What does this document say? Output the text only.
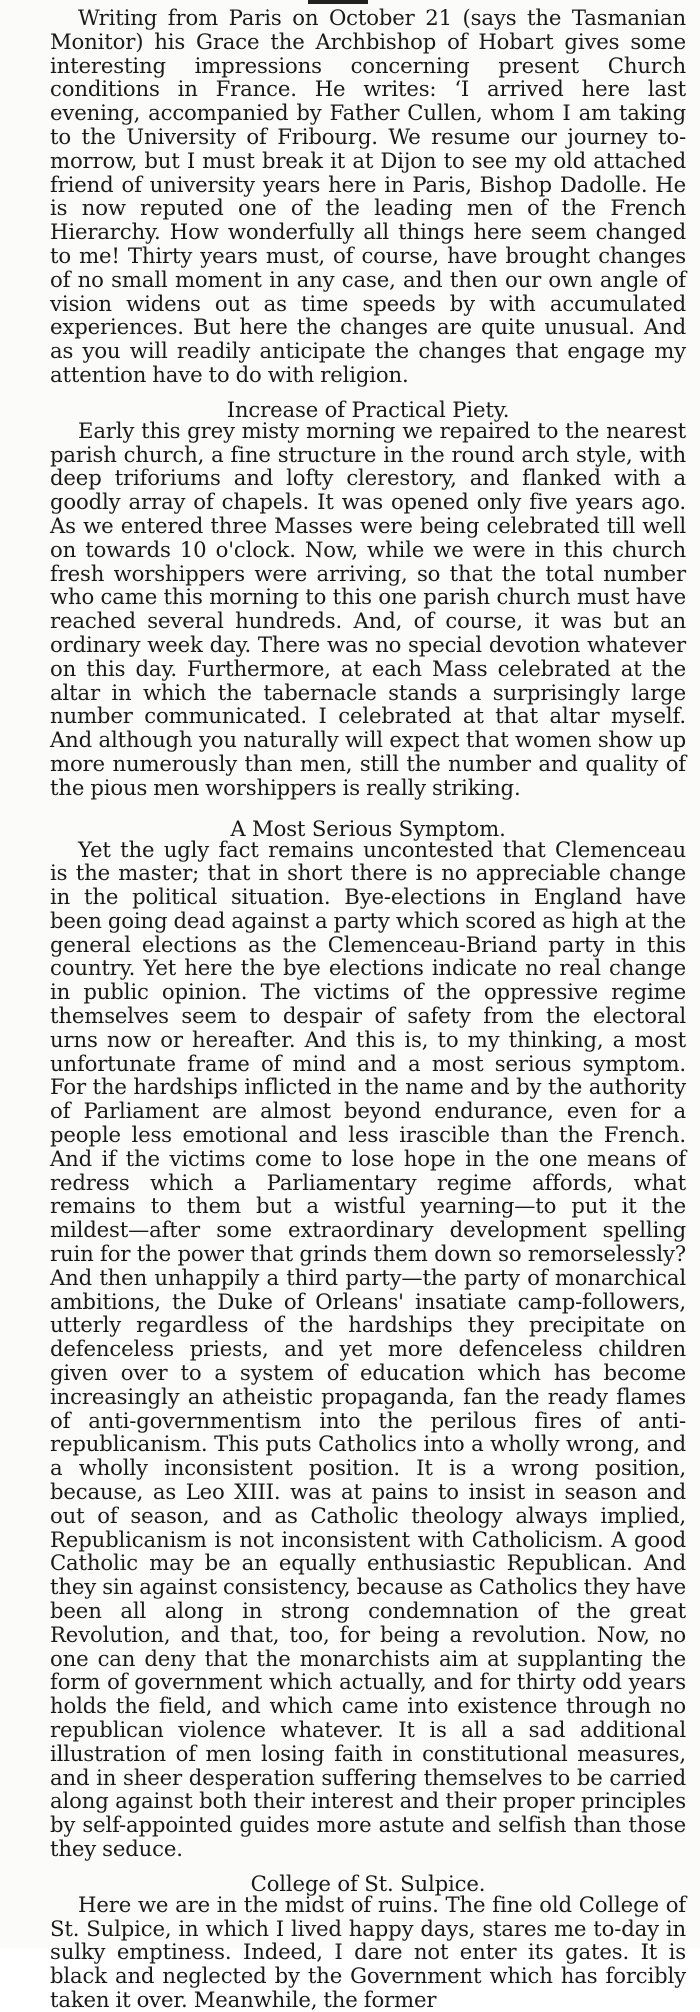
Writing from Paris on October 21 (says the Tasmanian Monitor) his Grace the Archbishop of Hobart gives some interesting impressions concerning present Church conditions in France. He writes: ‘I arrived here last evening, accompanied by Father Cullen, whom I am taking to the University of Fribourg. We resume our journey to-morrow, but I must break it at Dijon to see my old attached friend of university years here in Paris, Bishop Dadolle. He is now reputed one of the leading men of the French Hierarchy. How wonderfully all things here seem changed to me! Thirty years must, of course, have brought changes of no small moment in any case, and then our own angle of vision widens out as time speeds by with accumulated experiences. But here the changes are quite unusual. And as you will readily anticipate the changes that engage my attention have to do with religion.

Increase of Practical Piety.

Early this grey misty morning we repaired to the nearest parish church, a fine structure in the round arch style, with deep triforiums and lofty clerestory, and flanked with a goodly array of chapels. It was opened only five years ago. As we entered three Masses were being celebrated till well on towards 10 o'clock. Now, while we were in this church fresh worshippers were arriving, so that the total number who came this morning to this one parish church must have reached several hundreds. And, of course, it was but an ordinary week day. There was no special devotion whatever on this day. Furthermore, at each Mass celebrated at the altar in which the tabernacle stands a surprisingly large number communicated. I celebrated at that altar myself. And although you naturally will expect that women show up more numerously than men, still the number and quality of the pious men worshippers is really striking.

A Most Serious Symptom.

Yet the ugly fact remains uncontested that Clemenceau is the master; that in short there is no appreciable change in the political situation. Bye-elections in England have been going dead against a party which scored as high at the general elections as the Clemenceau-Briand party in this country. Yet here the bye elections indicate no real change in public opinion. The victims of the oppressive regime themselves seem to despair of safety from the electoral urns now or hereafter. And this is, to my thinking, a most unfortunate frame of mind and a most serious symptom. For the hardships inflicted in the name and by the authority of Parliament are almost beyond endurance, even for a people less emotional and less irascible than the French. And if the victims come to lose hope in the one means of redress which a Parliamentary regime affords, what remains to them but a wistful yearning—to put it the mildest—after some extraordinary development spelling ruin for the power that grinds them down so remorselessly? And then unhappily a third party—the party of monarchical ambitions, the Duke of Orleans' insatiate camp-followers, utterly regardless of the hardships they precipitate on defenceless priests, and yet more defenceless children given over to a system of education which has become increasingly an atheistic propaganda, fan the ready flames of anti-governmentism into the perilous fires of anti-republicanism. This puts Catholics into a wholly wrong, and a wholly inconsistent position. It is a wrong position, because, as Leo XIII. was at pains to insist in season and out of season, and as Catholic theology always implied, Republicanism is not inconsistent with Catholicism. A good Catholic may be an equally enthusiastic Republican. And they sin against consistency, because as Catholics they have been all along in strong condemnation of the great Revolution, and that, too, for being a revolution. Now, no one can deny that the monarchists aim at supplanting the form of government which actually, and for thirty odd years holds the field, and which came into existence through no republican violence whatever. It is all a sad additional illustration of men losing faith in constitutional measures, and in sheer desperation suffering themselves to be carried along against both their interest and their proper principles by self-appointed guides more astute and selfish than those they seduce.

College of St. Sulpice.

Here we are in the midst of ruins. The fine old College of St. Sulpice, in which I lived happy days, stares me to-day in sulky emptiness. Indeed, I dare not enter its gates. It is black and neglected by the Government which has forcibly taken it over. Meanwhile, the former
